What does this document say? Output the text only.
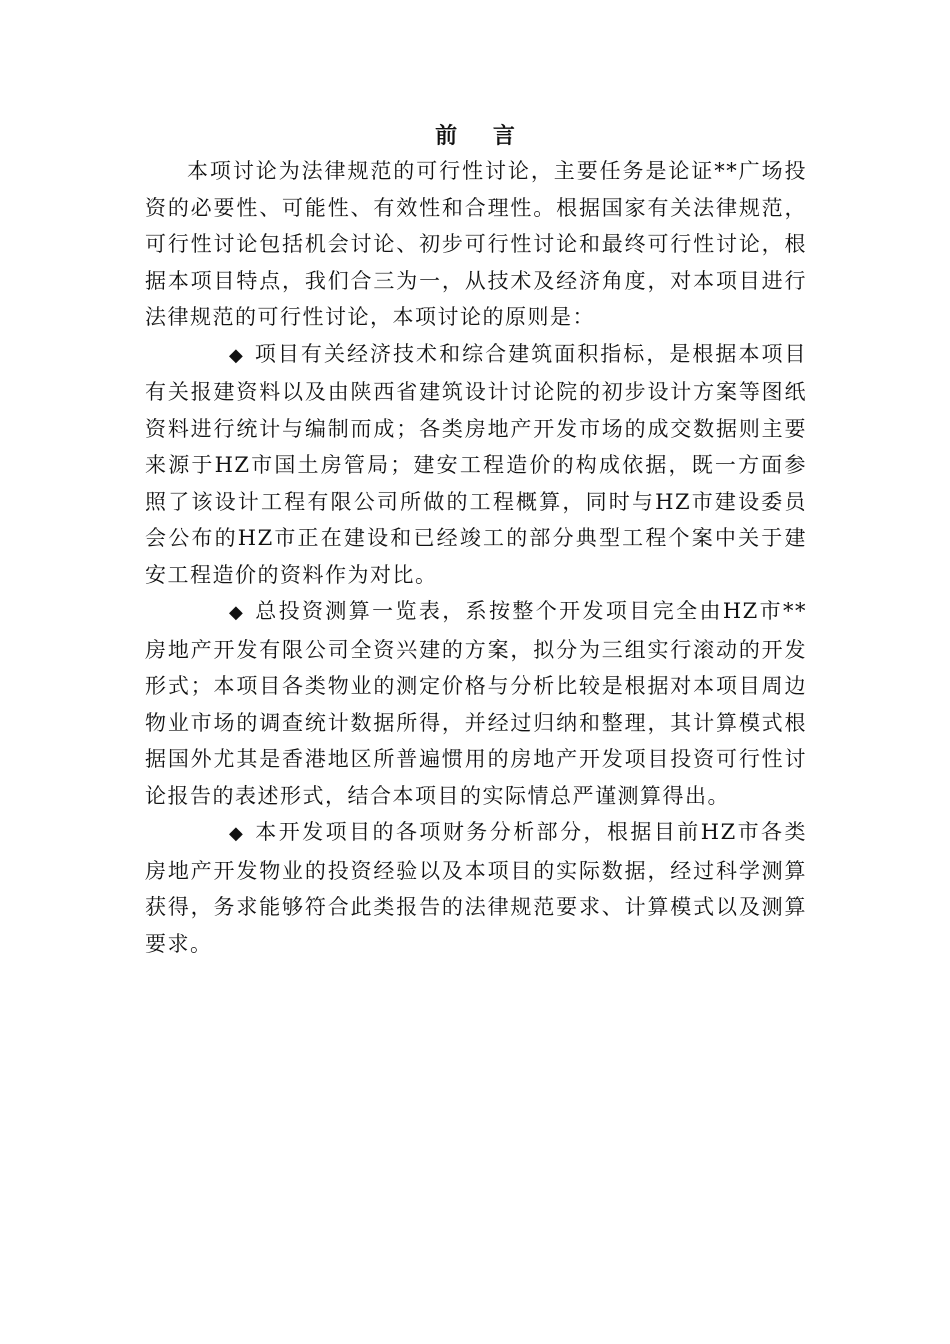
前 言

本项讨论为法律规范的可行性讨论，主要任务是论证**广场投资的必要性、可能性、有效性和合理性。根据国家有关法律规范，可行性讨论包括机会讨论、初步可行性讨论和最终可行性讨论，根据本项目特点，我们合三为一，从技术及经济角度，对本项目进行法律规范的可行性讨论，本项讨论的原则是：

◆ 项目有关经济技术和综合建筑面积指标，是根据本项目有关报建资料以及由陕西省建筑设计讨论院的初步设计方案等图纸资料进行统计与编制而成；各类房地产开发市场的成交数据则主要来源于HZ市国土房管局；建安工程造价的构成依据，既一方面参照了该设计工程有限公司所做的工程概算，同时与HZ市建设委员会公布的HZ市正在建设和已经竣工的部分典型工程个案中关于建安工程造价的资料作为对比。

◆ 总投资测算一览表，系按整个开发项目完全由HZ市**房地产开发有限公司全资兴建的方案，拟分为三组实行滚动的开发形式；本项目各类物业的测定价格与分析比较是根据对本项目周边物业市场的调查统计数据所得，并经过归纳和整理，其计算模式根据国外尤其是香港地区所普遍惯用的房地产开发项目投资可行性讨论报告的表述形式，结合本项目的实际情总严谨测算得出。

◆ 本开发项目的各项财务分析部分，根据目前HZ市各类房地产开发物业的投资经验以及本项目的实际数据，经过科学测算获得，务求能够符合此类报告的法律规范要求、计算模式以及测算要求。
